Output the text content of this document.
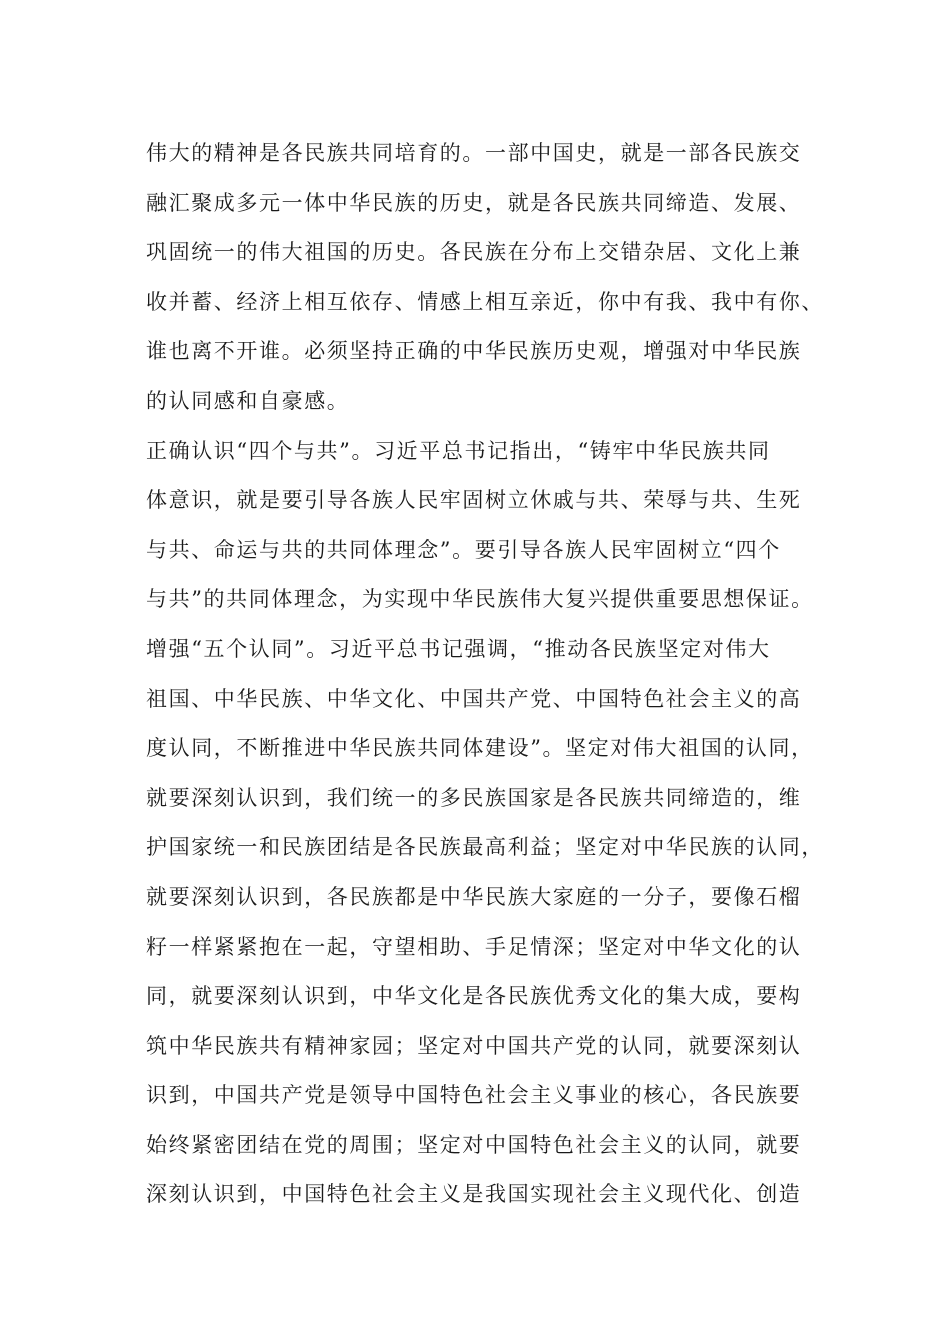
伟大的精神是各民族共同培育的。一部中国史，就是一部各民族交
融汇聚成多元一体中华民族的历史，就是各民族共同缔造、发展、
巩固统一的伟大祖国的历史。各民族在分布上交错杂居、文化上兼
收并蓄、经济上相互依存、情感上相互亲近，你中有我、我中有你、
谁也离不开谁。必须坚持正确的中华民族历史观，增强对中华民族
的认同感和自豪感。
正确认识“四个与共”。习近平总书记指出，“铸牢中华民族共同
体意识，就是要引导各族人民牢固树立休戚与共、荣辱与共、生死
与共、命运与共的共同体理念”。要引导各族人民牢固树立“四个
与共”的共同体理念，为实现中华民族伟大复兴提供重要思想保证。
增强“五个认同”。习近平总书记强调，“推动各民族坚定对伟大
祖国、中华民族、中华文化、中国共产党、中国特色社会主义的高
度认同，不断推进中华民族共同体建设”。坚定对伟大祖国的认同，
就要深刻认识到，我们统一的多民族国家是各民族共同缔造的，维
护国家统一和民族团结是各民族最高利益；坚定对中华民族的认同，
就要深刻认识到，各民族都是中华民族大家庭的一分子，要像石榴
籽一样紧紧抱在一起，守望相助、手足情深；坚定对中华文化的认
同，就要深刻认识到，中华文化是各民族优秀文化的集大成，要构
筑中华民族共有精神家园；坚定对中国共产党的认同，就要深刻认
识到，中国共产党是领导中国特色社会主义事业的核心，各民族要
始终紧密团结在党的周围；坚定对中国特色社会主义的认同，就要
深刻认识到，中国特色社会主义是我国实现社会主义现代化、创造
